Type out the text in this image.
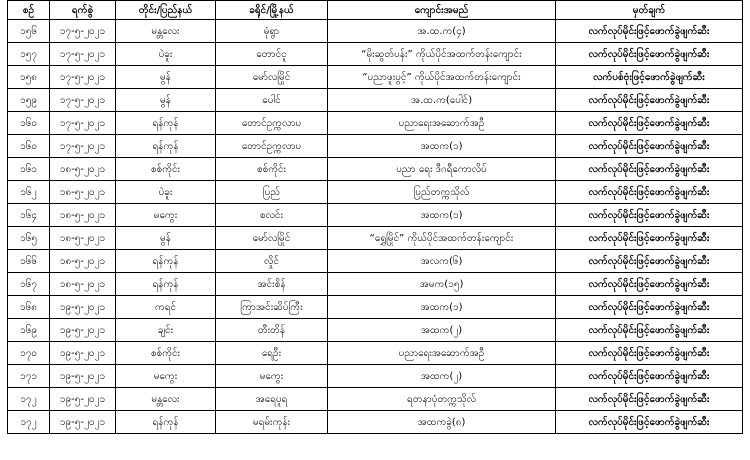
စဉ်	ရက်စွဲ	တိုင်း/ပြည်နယ်	ခရိုင်/မြို့နယ်	ကျောင်းအမည်	မှတ်ချက်
၁၅၆	၁၇-၅-၂၀၂၁	မန္တလေး	မုံရွာ	အ.ထ.က(၄)	လက်လုပ်မိုင်းဖြင့်ဖောက်ခွဲဖျက်ဆီး
၁၅၇	၁၇-၅-၂၀၂၁	ပဲခူး	တောင်ငူ	“မိုးဆွတ်ပန်း” ကိုယ်ပိုင်အထက်တန်းကျောင်း	လက်လုပ်မိုင်းဖြင့်ဖောက်ခွဲဖျက်ဆီး
၁၅၈	၁၇-၅-၂၀၂၁	မွန်	မော်လမြိုင်	“ပညာဖူးပွင့်” ကိုယ်ပိုင်အထက်တန်းကျောင်း	လက်ပစ်ဗုံးဖြင့်ဖောက်ခွဲဖျက်ဆီး
၁၅၉	၁၇-၅-၂၀၂၁	မွန်	ပေါင်	အ.ထ.က(ပေါင်)	လက်လုပ်မိုင်းဖြင့်ဖောက်ခွဲဖျက်ဆီး
၁၆၀	၁၇-၅-၂၀၂၁	ရန်ကုန်	တောင်ဥက္ကလာပ	ပညာရေးအဆောက်အဦ	လက်လုပ်မိုင်းဖြင့်ဖောက်ခွဲဖျက်ဆီး
၁၆၀	၁၇-၅-၂၀၂၁	ရန်ကုန်	တောင်ဥက္ကလာပ	အထက(၁)	လက်လုပ်မိုင်းဖြင့်ဖောက်ခွဲဖျက်ဆီး
၁၆၁	၁၈-၅-၂၀၂၁	စစ်ကိုင်း	စစ်ကိုင်း	ပညာ ရေး ဒီဂရီကောလိပ်	လက်လုပ်မိုင်းဖြင့်ဖောက်ခွဲဖျက်ဆီး
၁၆၂	၁၈-၅-၂၀၂၁	ပဲခူး	ပြည်	ပြည်တက္ကသိုလ်	လက်လုပ်မိုင်းဖြင့်ဖောက်ခွဲဖျက်ဆီး
၁၆၄	၁၈-၅-၂၀၂၁	မကွေး	စလင်း	အထက(၁)	လက်လုပ်မိုင်းဖြင့်ဖောက်ခွဲဖျက်ဆီး
၁၆၅	၁၈-၅-၂၀၂၁	မွန်	မော်လမြိုင်	“ရွှေမြိုင်” ကိုယ်ပိုင်အထက်တန်းကျောင်း	လက်လုပ်မိုင်းဖြင့်ဖောက်ခွဲဖျက်ဆီး
၁၆၆	၁၈-၅-၂၀၂၁	ရန်ကုန်	လှိုင်	အလက(၆)	လက်လုပ်မိုင်းဖြင့်ဖောက်ခွဲဖျက်ဆီး
၁၆၇	၁၈-၅-၂၀၂၁	ရန်ကုန်	အင်းစိန်	အမက(၁၅)	လက်လုပ်မိုင်းဖြင့်ဖောက်ခွဲဖျက်ဆီး
၁၆၈	၁၉-၅-၂၀၂၁	ကရင်	ကြာအင်းဆိပ်ကြီး	အထက(၁)	လက်လုပ်မိုင်းဖြင့်ဖောက်ခွဲဖျက်ဆီး
၁၆၉	၁၉-၅-၂၀၂၁	ချင်း	တီးတိန်	အထက(၂)	လက်လုပ်မိုင်းဖြင့်ဖောက်ခွဲဖျက်ဆီး
၁၇၀	၁၉-၅-၂၀၂၁	စစ်ကိုင်း	ရေဦး	ပညာရေးအဆောက်အဦ	လက်လုပ်မိုင်းဖြင့်ဖောက်ခွဲဖျက်ဆီး
၁၇၁	၁၉-၅-၂၀၂၁	မကွေး	မကွေး	အထက(၂)	လက်လုပ်မိုင်းဖြင့်ဖောက်ခွဲဖျက်ဆီး
၁၇၂	၁၉-၅-၂၀၂၁	မန္တလေး	အရေပူရ	ရတနာပုံတက္ကသိုလ်	လက်လုပ်မိုင်းဖြင့်ဖောက်ခွဲဖျက်ဆီး
၁၇၂	၁၉-၅-၂၀၂၁	ရန်ကုန်	မရမ်းကုန်း	အထကခွဲ(၈)	လက်လုပ်မိုင်းဖြင့်ဖောက်ခွဲဖျက်ဆီး
